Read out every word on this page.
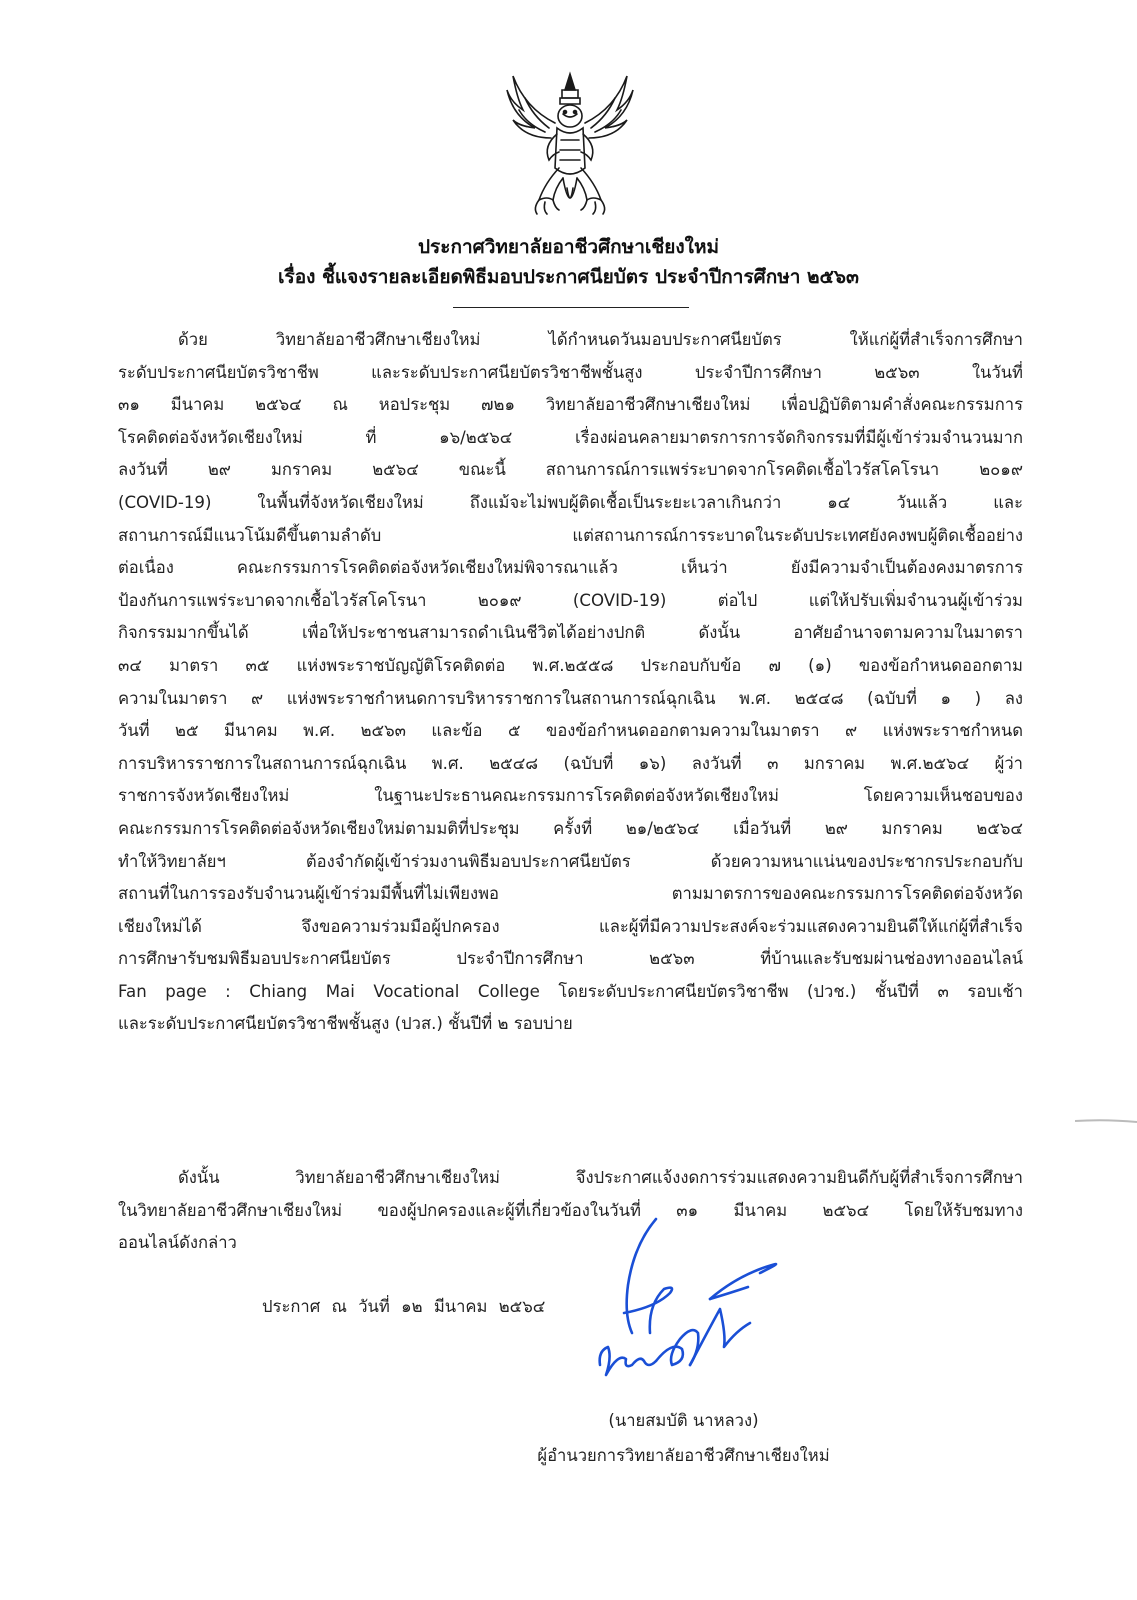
ประกาศวิทยาลัยอาชีวศึกษาเชียงใหม่
เรื่อง ชี้แจงรายละเอียดพิธีมอบประกาศนียบัตร ประจำปีการศึกษา ๒๕๖๓
ด้วย วิทยาลัยอาชีวศึกษาเชียงใหม่ ได้กำหนดวันมอบประกาศนียบัตร ให้แก่ผู้ที่สำเร็จการศึกษา
ระดับประกาศนียบัตรวิชาชีพ และระดับประกาศนียบัตรวิชาชีพชั้นสูง ประจำปีการศึกษา ๒๕๖๓ ในวันที่
๓๑ มีนาคม ๒๕๖๔ ณ หอประชุม ๗๒๑ วิทยาลัยอาชีวศึกษาเชียงใหม่ เพื่อปฏิบัติตามคำสั่งคณะกรรมการ
โรคติดต่อจังหวัดเชียงใหม่ ที่ ๑๖/๒๕๖๔ เรื่องผ่อนคลายมาตรการการจัดกิจกรรมที่มีผู้เข้าร่วมจำนวนมาก
ลงวันที่ ๒๙ มกราคม ๒๕๖๔ ขณะนี้ สถานการณ์การแพร่ระบาดจากโรคติดเชื้อไวรัสโคโรนา ๒๐๑๙
(COVID-19) ในพื้นที่จังหวัดเชียงใหม่ ถึงแม้จะไม่พบผู้ติดเชื้อเป็นระยะเวลาเกินกว่า ๑๔ วันแล้ว และ
สถานการณ์มีแนวโน้มดีขึ้นตามลำดับ แต่สถานการณ์การระบาดในระดับประเทศยังคงพบผู้ติดเชื้ออย่าง
ต่อเนื่อง คณะกรรมการโรคติดต่อจังหวัดเชียงใหม่พิจารณาแล้ว เห็นว่า ยังมีความจำเป็นต้องคงมาตรการ
ป้องกันการแพร่ระบาดจากเชื้อไวรัสโคโรนา ๒๐๑๙ (COVID-19) ต่อไป แต่ให้ปรับเพิ่มจำนวนผู้เข้าร่วม
กิจกรรมมากขึ้นได้ เพื่อให้ประชาชนสามารถดำเนินชีวิตได้อย่างปกติ ดังนั้น อาศัยอำนาจตามความในมาตรา
๓๔ มาตรา ๓๕ แห่งพระราชบัญญัติโรคติดต่อ พ.ศ.๒๕๕๘ ประกอบกับข้อ ๗ (๑) ของข้อกำหนดออกตาม
ความในมาตรา ๙ แห่งพระราชกำหนดการบริหารราชการในสถานการณ์ฉุกเฉิน พ.ศ. ๒๕๔๘ (ฉบับที่ ๑ ) ลง
วันที่ ๒๕ มีนาคม พ.ศ. ๒๕๖๓ และข้อ ๕ ของข้อกำหนดออกตามความในมาตรา ๙ แห่งพระราชกำหนด
การบริหารราชการในสถานการณ์ฉุกเฉิน พ.ศ. ๒๕๔๘ (ฉบับที่ ๑๖) ลงวันที่ ๓ มกราคม พ.ศ.๒๕๖๔ ผู้ว่า
ราชการจังหวัดเชียงใหม่ ในฐานะประธานคณะกรรมการโรคติดต่อจังหวัดเชียงใหม่ โดยความเห็นชอบของ
คณะกรรมการโรคติดต่อจังหวัดเชียงใหม่ตามมติที่ประชุม ครั้งที่ ๒๑/๒๕๖๔ เมื่อวันที่ ๒๙ มกราคม ๒๕๖๔
ทำให้วิทยาลัยฯ ต้องจำกัดผู้เข้าร่วมงานพิธีมอบประกาศนียบัตร ด้วยความหนาแน่นของประชากรประกอบกับ
สถานที่ในการรองรับจำนวนผู้เข้าร่วมมีพื้นที่ไม่เพียงพอ ตามมาตรการของคณะกรรมการโรคติดต่อจังหวัด
เชียงใหม่ได้ จึงขอความร่วมมือผู้ปกครอง และผู้ที่มีความประสงค์จะร่วมแสดงความยินดีให้แก่ผู้ที่สำเร็จ
การศึกษารับชมพิธีมอบประกาศนียบัตร ประจำปีการศึกษา ๒๕๖๓ ที่บ้านและรับชมผ่านช่องทางออนไลน์
Fan page : Chiang Mai Vocational College โดยระดับประกาศนียบัตรวิชาชีพ (ปวช.) ชั้นปีที่ ๓ รอบเช้า
และระดับประกาศนียบัตรวิชาชีพชั้นสูง (ปวส.) ชั้นปีที่ ๒ รอบบ่าย
ดังนั้น วิทยาลัยอาชีวศึกษาเชียงใหม่ จึงประกาศแจ้งงดการร่วมแสดงความยินดีกับผู้ที่สำเร็จการศึกษา
ในวิทยาลัยอาชีวศึกษาเชียงใหม่ ของผู้ปกครองและผู้ที่เกี่ยวข้องในวันที่ ๓๑ มีนาคม ๒๕๖๔ โดยให้รับชมทาง
ออนไลน์ดังกล่าว
ประกาศ ณ วันที่ ๑๒ มีนาคม ๒๕๖๔
(นายสมบัติ นาหลวง)
ผู้อำนวยการวิทยาลัยอาชีวศึกษาเชียงใหม่
